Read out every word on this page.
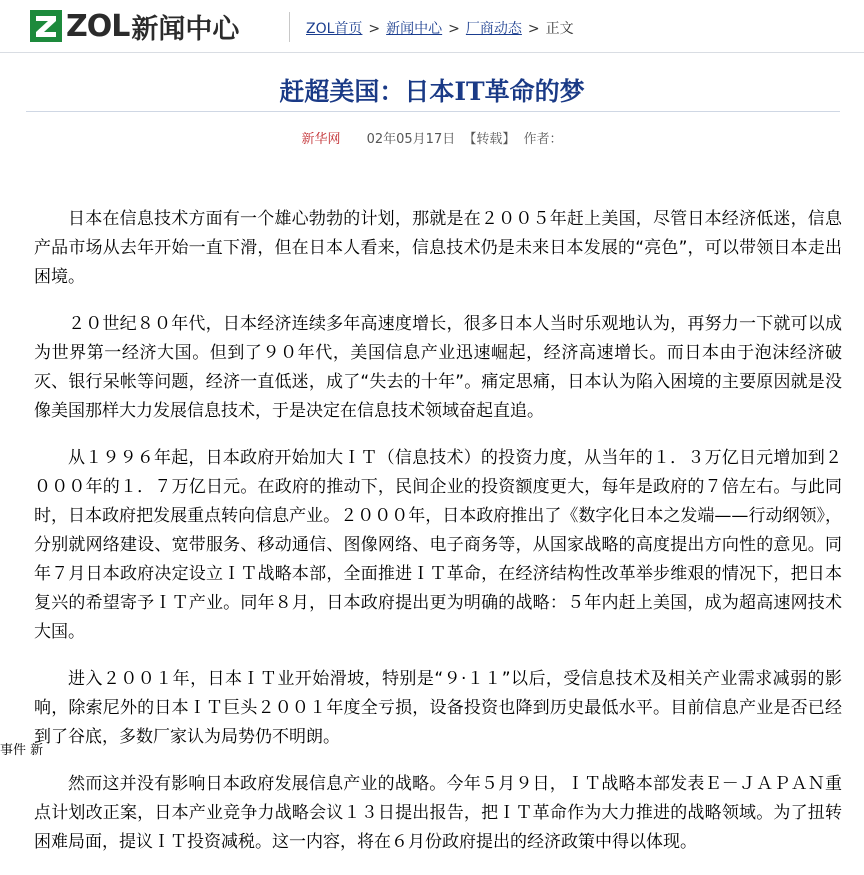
ZOL 新闻中心	ZOL首页 > 新闻中心 > 厂商动态 > 正文
赶超美国：日本IT革命的梦
新华网 02年05月17日 【转载】 作者：

日本在信息技术方面有一个雄心勃勃的计划，那就是在２００５年赶上美国，尽管日本经济低迷，信息产品市场从去年开始一直下滑，但在日本人看来，信息技术仍是未来日本发展的“亮色”，可以带领日本走出困境。

２０世纪８０年代，日本经济连续多年高速度增长，很多日本人当时乐观地认为，再努力一下就可以成为世界第一经济大国。但到了９０年代，美国信息产业迅速崛起，经济高速增长。而日本由于泡沫经济破灭、银行呆帐等问题，经济一直低迷，成了“失去的十年”。痛定思痛，日本认为陷入困境的主要原因就是没像美国那样大力发展信息技术，于是决定在信息技术领域奋起直追。

从１９９６年起，日本政府开始加大ＩＴ（信息技术）的投资力度，从当年的１．３万亿日元增加到２０００年的１．７万亿日元。在政府的推动下，民间企业的投资额度更大，每年是政府的７倍左右。与此同时，日本政府把发展重点转向信息产业。２０００年，日本政府推出了《数字化日本之发端——行动纲领》，分别就网络建设、宽带服务、移动通信、图像网络、电子商务等，从国家战略的高度提出方向性的意见。同年７月日本政府决定设立ＩＴ战略本部，全面推进ＩＴ革命，在经济结构性改革举步维艰的情况下，把日本复兴的希望寄予ＩＴ产业。同年８月，日本政府提出更为明确的战略：５年内赶上美国，成为超高速网技术大国。

进入２００１年，日本ＩＴ业开始滑坡，特别是“９·１１”以后，受信息技术及相关产业需求减弱的影响，除索尼外的日本ＩＴ巨头２００１年度全亏损，设备投资也降到历史最低水平。目前信息产业是否已经到了谷底，多数厂家认为局势仍不明朗。

然而这并没有影响日本政府发展信息产业的战略。今年５月９日，ＩＴ战略本部发表Ｅ－ＪＡＰＡＮ重点计划改正案，日本产业竞争力战略会议１３日提出报告，把ＩＴ革命作为大力推进的战略领域。为了扭转困难局面，提议ＩＴ投资减税。这一内容，将在６月份政府提出的经济政策中得以体现。

事件 新
